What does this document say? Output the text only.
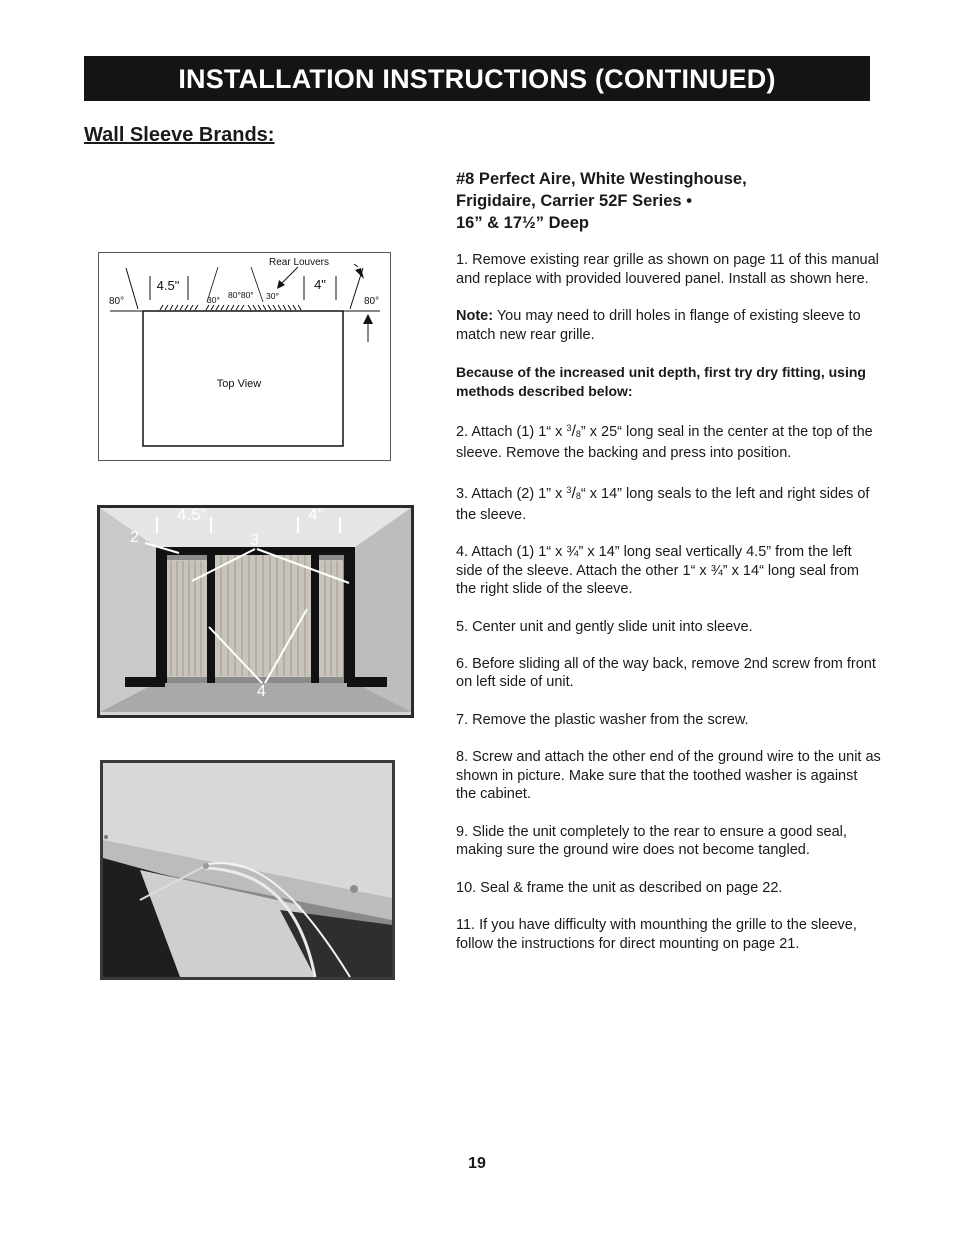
INSTALLATION INSTRUCTIONS (CONTINUED)
Wall Sleeve Brands:
Rear Louvers
4.5"	4"
80°	80°
30° 80°80° 30°
Top View
4.5”	4”
2	3
4
#8 Perfect Aire, White Westinghouse,
Frigidaire, Carrier 52F Series •
16” & 17½” Deep

1. Remove existing rear grille as shown on page 11 of this manual and replace with provided louvered panel. Install as shown here.

Note: You may need to drill holes in flange of existing sleeve to match new rear grille.

Because of the increased unit depth, first try dry fitting, using methods described below:

2. Attach (1) 1“ x $^3/_8$” x 25“ long seal in the center at the top of the sleeve. Remove the backing and press into position.

3. Attach (2) 1” x $^3/_8“$ x 14” long seals to the left and right sides of the sleeve.

4. Attach (1) 1“ x ¾” x 14” long seal vertically 4.5” from the left side of the sleeve. Attach the other 1“ x ¾” x 14“ long seal from the right slide of the sleeve.

5. Center unit and gently slide unit into sleeve.

6. Before sliding all of the way back, remove 2nd screw from front on left side of unit.

7. Remove the plastic washer from the screw.

8. Screw and attach the other end of the ground wire to the unit as shown in picture. Make sure that the toothed washer is against the cabinet.

9. Slide the unit completely to the rear to ensure a good seal, making sure the ground wire does not become tangled.

10. Seal & frame the unit as described on page 22.

11. If you have difficulty with mounthing the grille to the sleeve, follow the instructions for direct mounting on page 21.

19
